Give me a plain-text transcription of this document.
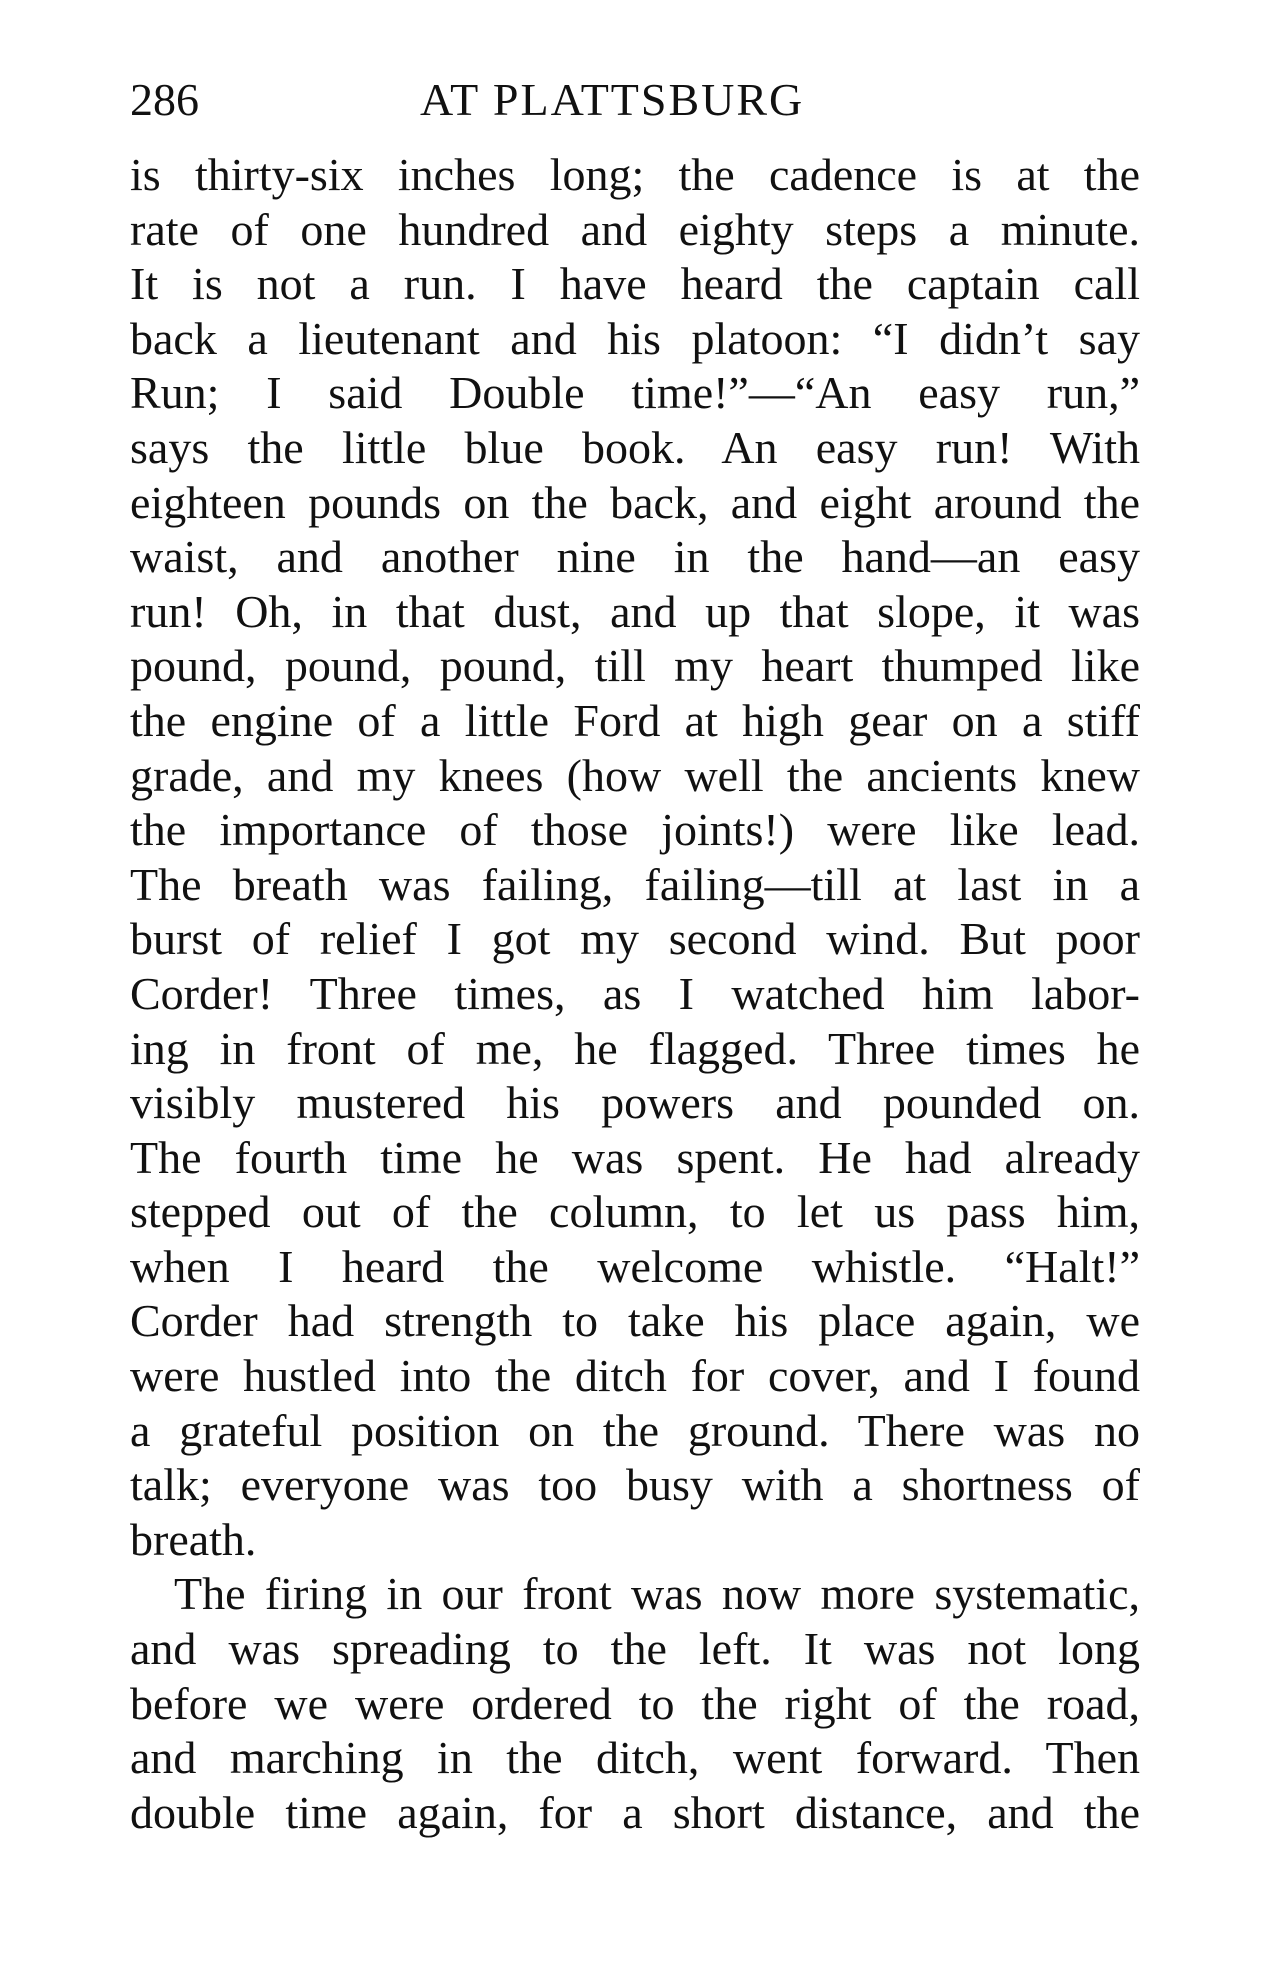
286	AT PLATTSBURG
is thirty-six inches long; the cadence is at the
rate of one hundred and eighty steps a minute.
It is not a run. I have heard the captain call
back a lieutenant and his platoon: “I didn’t say
Run; I said Double time!”—“An easy run,”
says the little blue book. An easy run! With
eighteen pounds on the back, and eight around the
waist, and another nine in the hand—an easy
run! Oh, in that dust, and up that slope, it was
pound, pound, pound, till my heart thumped like
the engine of a little Ford at high gear on a stiff
grade, and my knees (how well the ancients knew
the importance of those joints!) were like lead.
The breath was failing, failing—till at last in a
burst of relief I got my second wind. But poor
Corder! Three times, as I watched him labor-
ing in front of me, he flagged. Three times he
visibly mustered his powers and pounded on.
The fourth time he was spent. He had already
stepped out of the column, to let us pass him,
when I heard the welcome whistle. “Halt!”
Corder had strength to take his place again, we
were hustled into the ditch for cover, and I found
a grateful position on the ground. There was no
talk; everyone was too busy with a shortness of
breath.
The firing in our front was now more systematic,
and was spreading to the left. It was not long
before we were ordered to the right of the road,
and marching in the ditch, went forward. Then
double time again, for a short distance, and the
